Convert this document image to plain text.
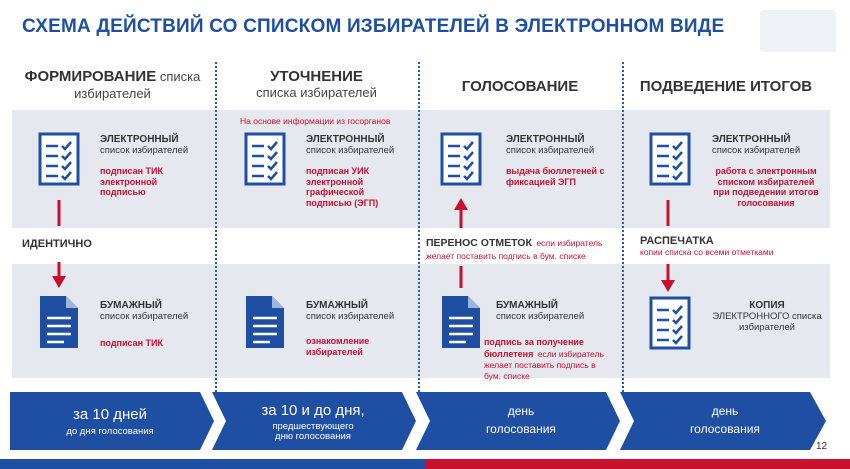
СХЕМА ДЕЙСТВИЙ СО СПИСКОМ ИЗБИРАТЕЛЕЙ В ЭЛЕКТРОННОМ ВИДЕ
ФОРМИРОВАНИЕ списка
избирателей
УТОЧНЕНИЕ
списка избирателей	ГОЛОСОВАНИЕ	ПОДВЕДЕНИЕ ИТОГОВ
ЭЛЕКТРОННЫЙ
список избирателей
подписан ТИК электронной подписью
ИДЕНТИЧНО
БУМАЖНЫЙ
список избирателей
подписан ТИК
На основе информации из госорганов
ЭЛЕКТРОННЫЙ
список избирателей
подписан УИК электронной графической подписью (ЭГП)
БУМАЖНЫЙ
список избирателей
ознакомление избирателей
ЭЛЕКТРОННЫЙ
список избирателей
выдача бюллетеней с фиксацией ЭГП
ПЕРЕНОС ОТМЕТОК если избиратель желает поставить подпись в бум. списке
БУМАЖНЫЙ
список избирателей
подпись за получение бюллетеня если избиратель желает поставить подпись в бум. списке
ЭЛЕКТРОННЫЙ
список избирателей
работа с электронным списком избирателей при подведении итогов голосования
РАСПЕЧАТКА
копии списка со всеми отметками
КОПИЯ
ЭЛЕКТРОННОГО списка избирателей
за 10 дней
до дня голосования
за 10 и до дня,
предшествующего дню голосования
день
голосования
день
голосования
12
